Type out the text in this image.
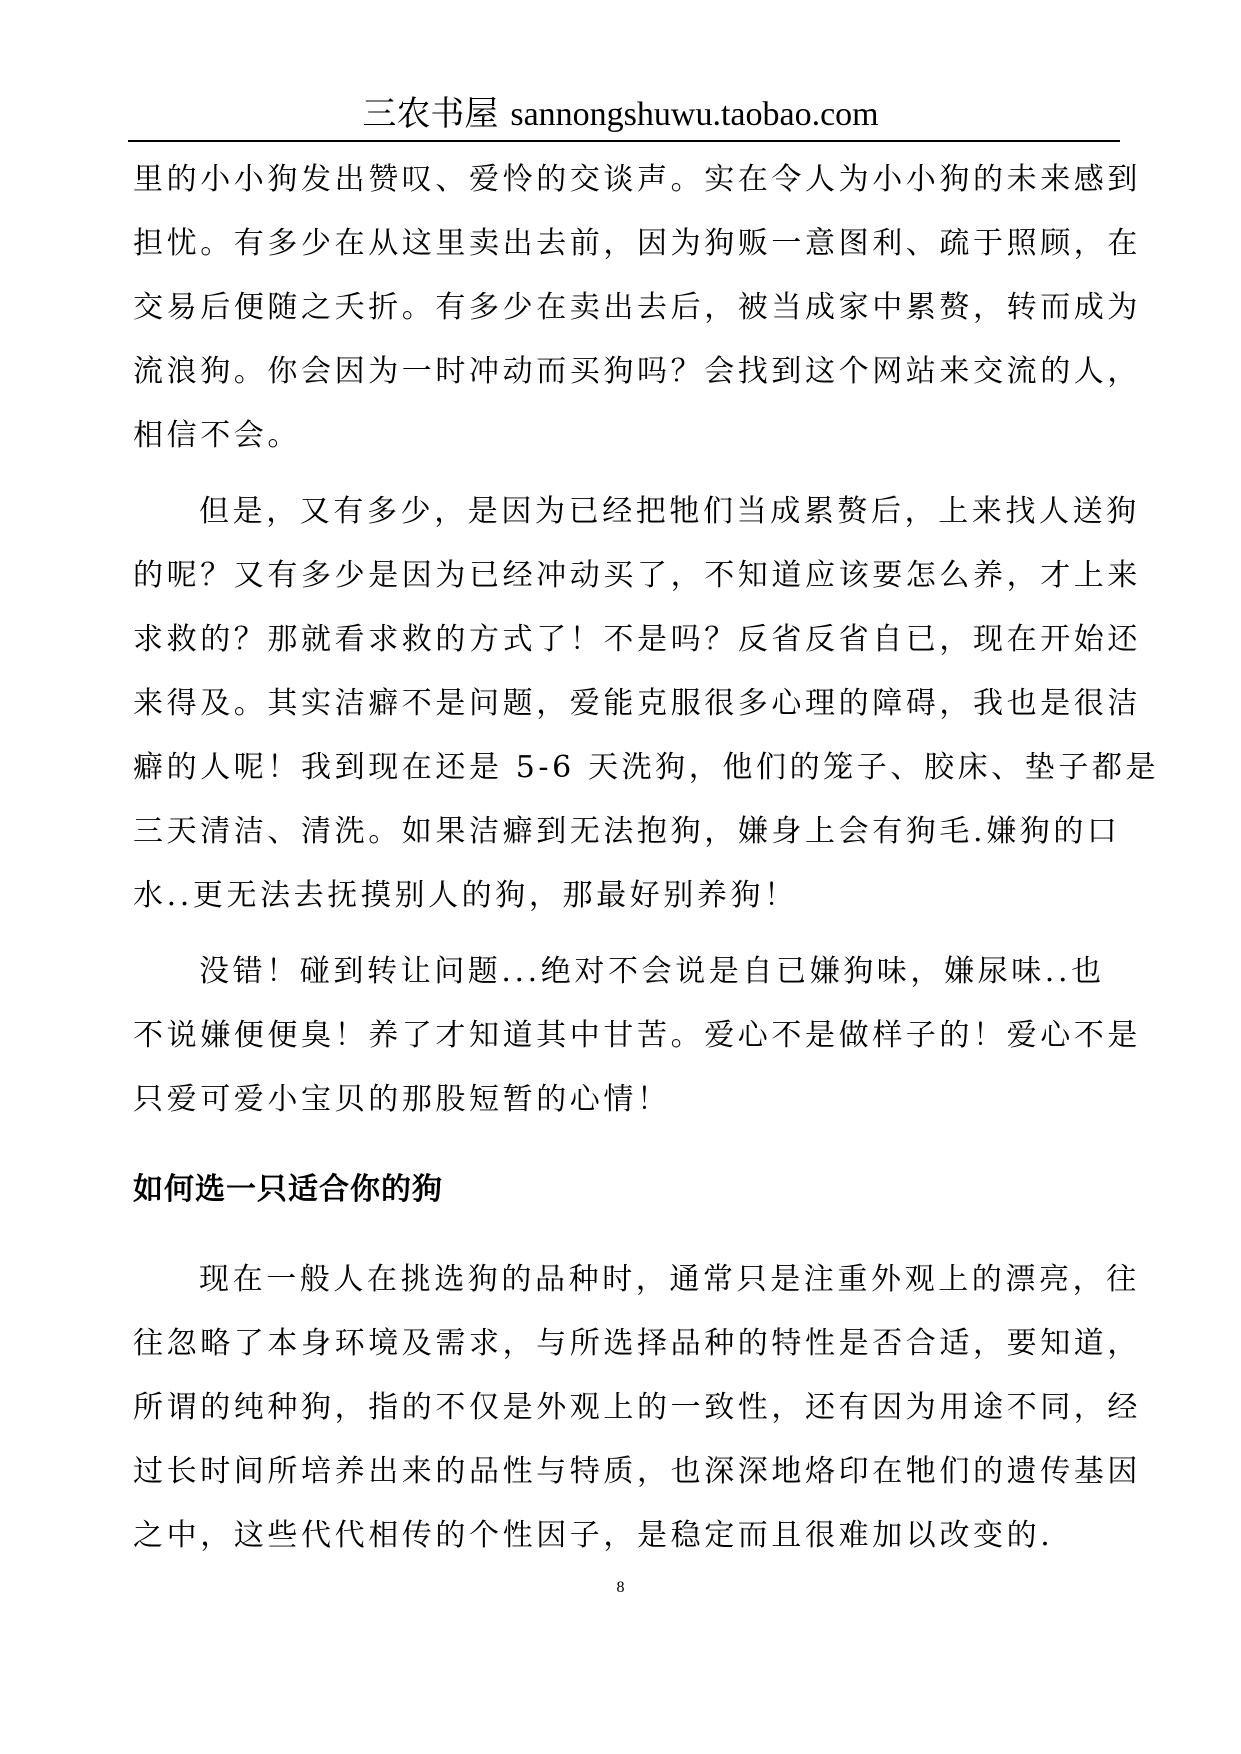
三农书屋 sannongshuwu.taobao.com

里的小小狗发出赞叹、爱怜的交谈声。实在令人为小小狗的未来感到
担忧。有多少在从这里卖出去前，因为狗贩一意图利、疏于照顾，在
交易后便随之夭折。有多少在卖出去后，被当成家中累赘，转而成为
流浪狗。你会因为一时冲动而买狗吗？会找到这个网站来交流的人，
相信不会。

但是，又有多少，是因为已经把牠们当成累赘后，上来找人送狗
的呢？又有多少是因为已经冲动买了，不知道应该要怎么养，才上来
求救的？那就看求救的方式了！不是吗？反省反省自已，现在开始还
来得及。其实洁癖不是问题，爱能克服很多心理的障碍，我也是很洁
癖的人呢！我到现在还是 5-6 天洗狗，他们的笼子、胶床、垫子都是
三天清洁、清洗。如果洁癖到无法抱狗，嫌身上会有狗毛.嫌狗的口
水..更无法去抚摸别人的狗，那最好别养狗！

没错！碰到转让问题...绝对不会说是自已嫌狗味，嫌尿味..也
不说嫌便便臭！养了才知道其中甘苦。爱心不是做样子的！爱心不是
只爱可爱小宝贝的那股短暂的心情！

如何选一只适合你的狗

现在一般人在挑选狗的品种时，通常只是注重外观上的漂亮，往
往忽略了本身环境及需求，与所选择品种的特性是否合适，要知道，
所谓的纯种狗，指的不仅是外观上的一致性，还有因为用途不同，经
过长时间所培养出来的品性与特质，也深深地烙印在牠们的遗传基因
之中，这些代代相传的个性因子，是稳定而且很难加以改变的.

8
